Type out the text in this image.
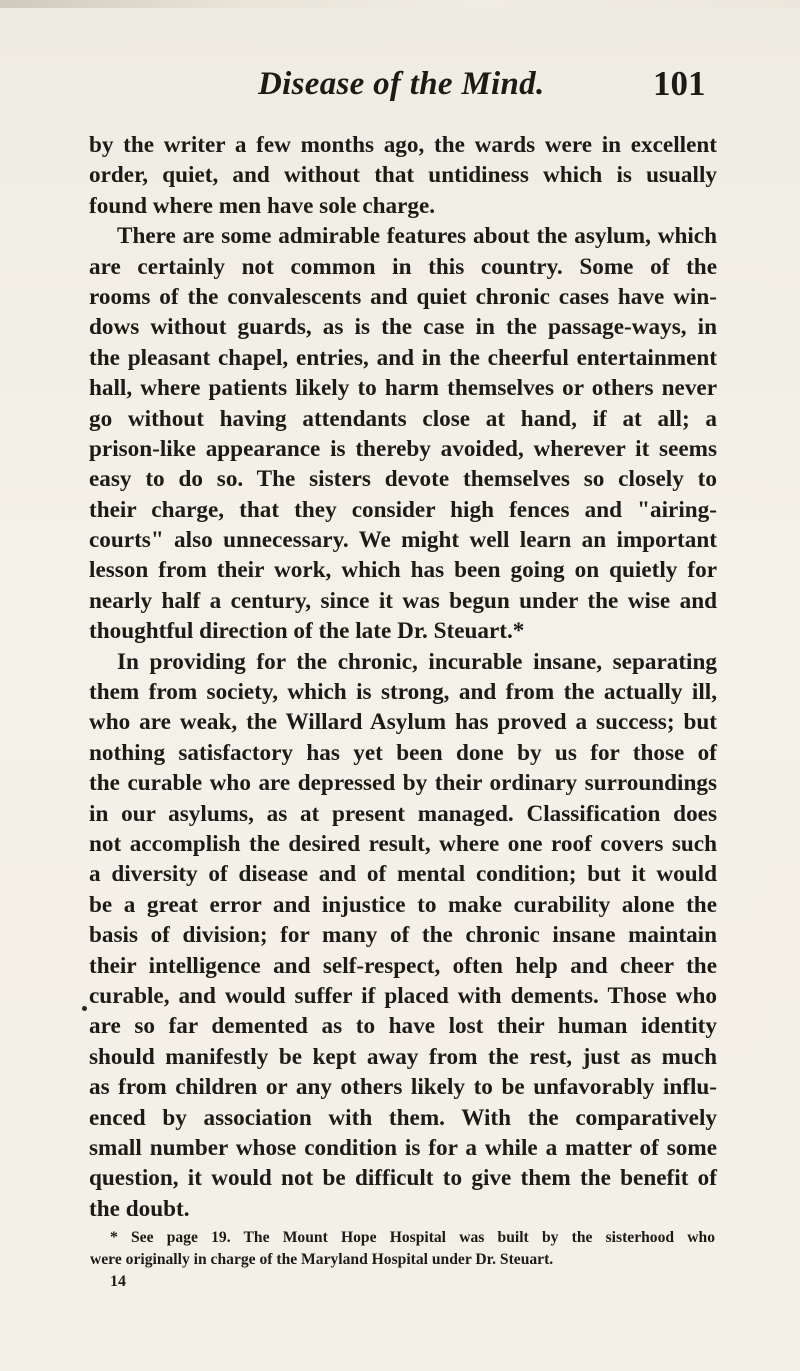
Disease of the Mind.	101
by the writer a few months ago, the wards were in excellent
order, quiet, and without that untidiness which is usually
found where men have sole charge.
There are some admirable features about the asylum, which
are certainly not common in this country. Some of the
rooms of the convalescents and quiet chronic cases have win-
dows without guards, as is the case in the passage-ways, in
the pleasant chapel, entries, and in the cheerful entertainment
hall, where patients likely to harm themselves or others never
go without having attendants close at hand, if at all; a
prison-like appearance is thereby avoided, wherever it seems
easy to do so. The sisters devote themselves so closely to
their charge, that they consider high fences and "airing-
courts" also unnecessary. We might well learn an important
lesson from their work, which has been going on quietly for
nearly half a century, since it was begun under the wise and
thoughtful direction of the late Dr. Steuart.*
In providing for the chronic, incurable insane, separating
them from society, which is strong, and from the actually ill,
who are weak, the Willard Asylum has proved a success; but
nothing satisfactory has yet been done by us for those of
the curable who are depressed by their ordinary surroundings
in our asylums, as at present managed. Classification does
not accomplish the desired result, where one roof covers such
a diversity of disease and of mental condition; but it would
be a great error and injustice to make curability alone the
basis of division; for many of the chronic insane maintain
their intelligence and self-respect, often help and cheer the
curable, and would suffer if placed with dements. Those who
are so far demented as to have lost their human identity
should manifestly be kept away from the rest, just as much
as from children or any others likely to be unfavorably influ-
enced by association with them. With the comparatively
small number whose condition is for a while a matter of some
question, it would not be difficult to give them the benefit of
the doubt.
* See page 19. The Mount Hope Hospital was built by the sisterhood who
were originally in charge of the Maryland Hospital under Dr. Steuart.
14
